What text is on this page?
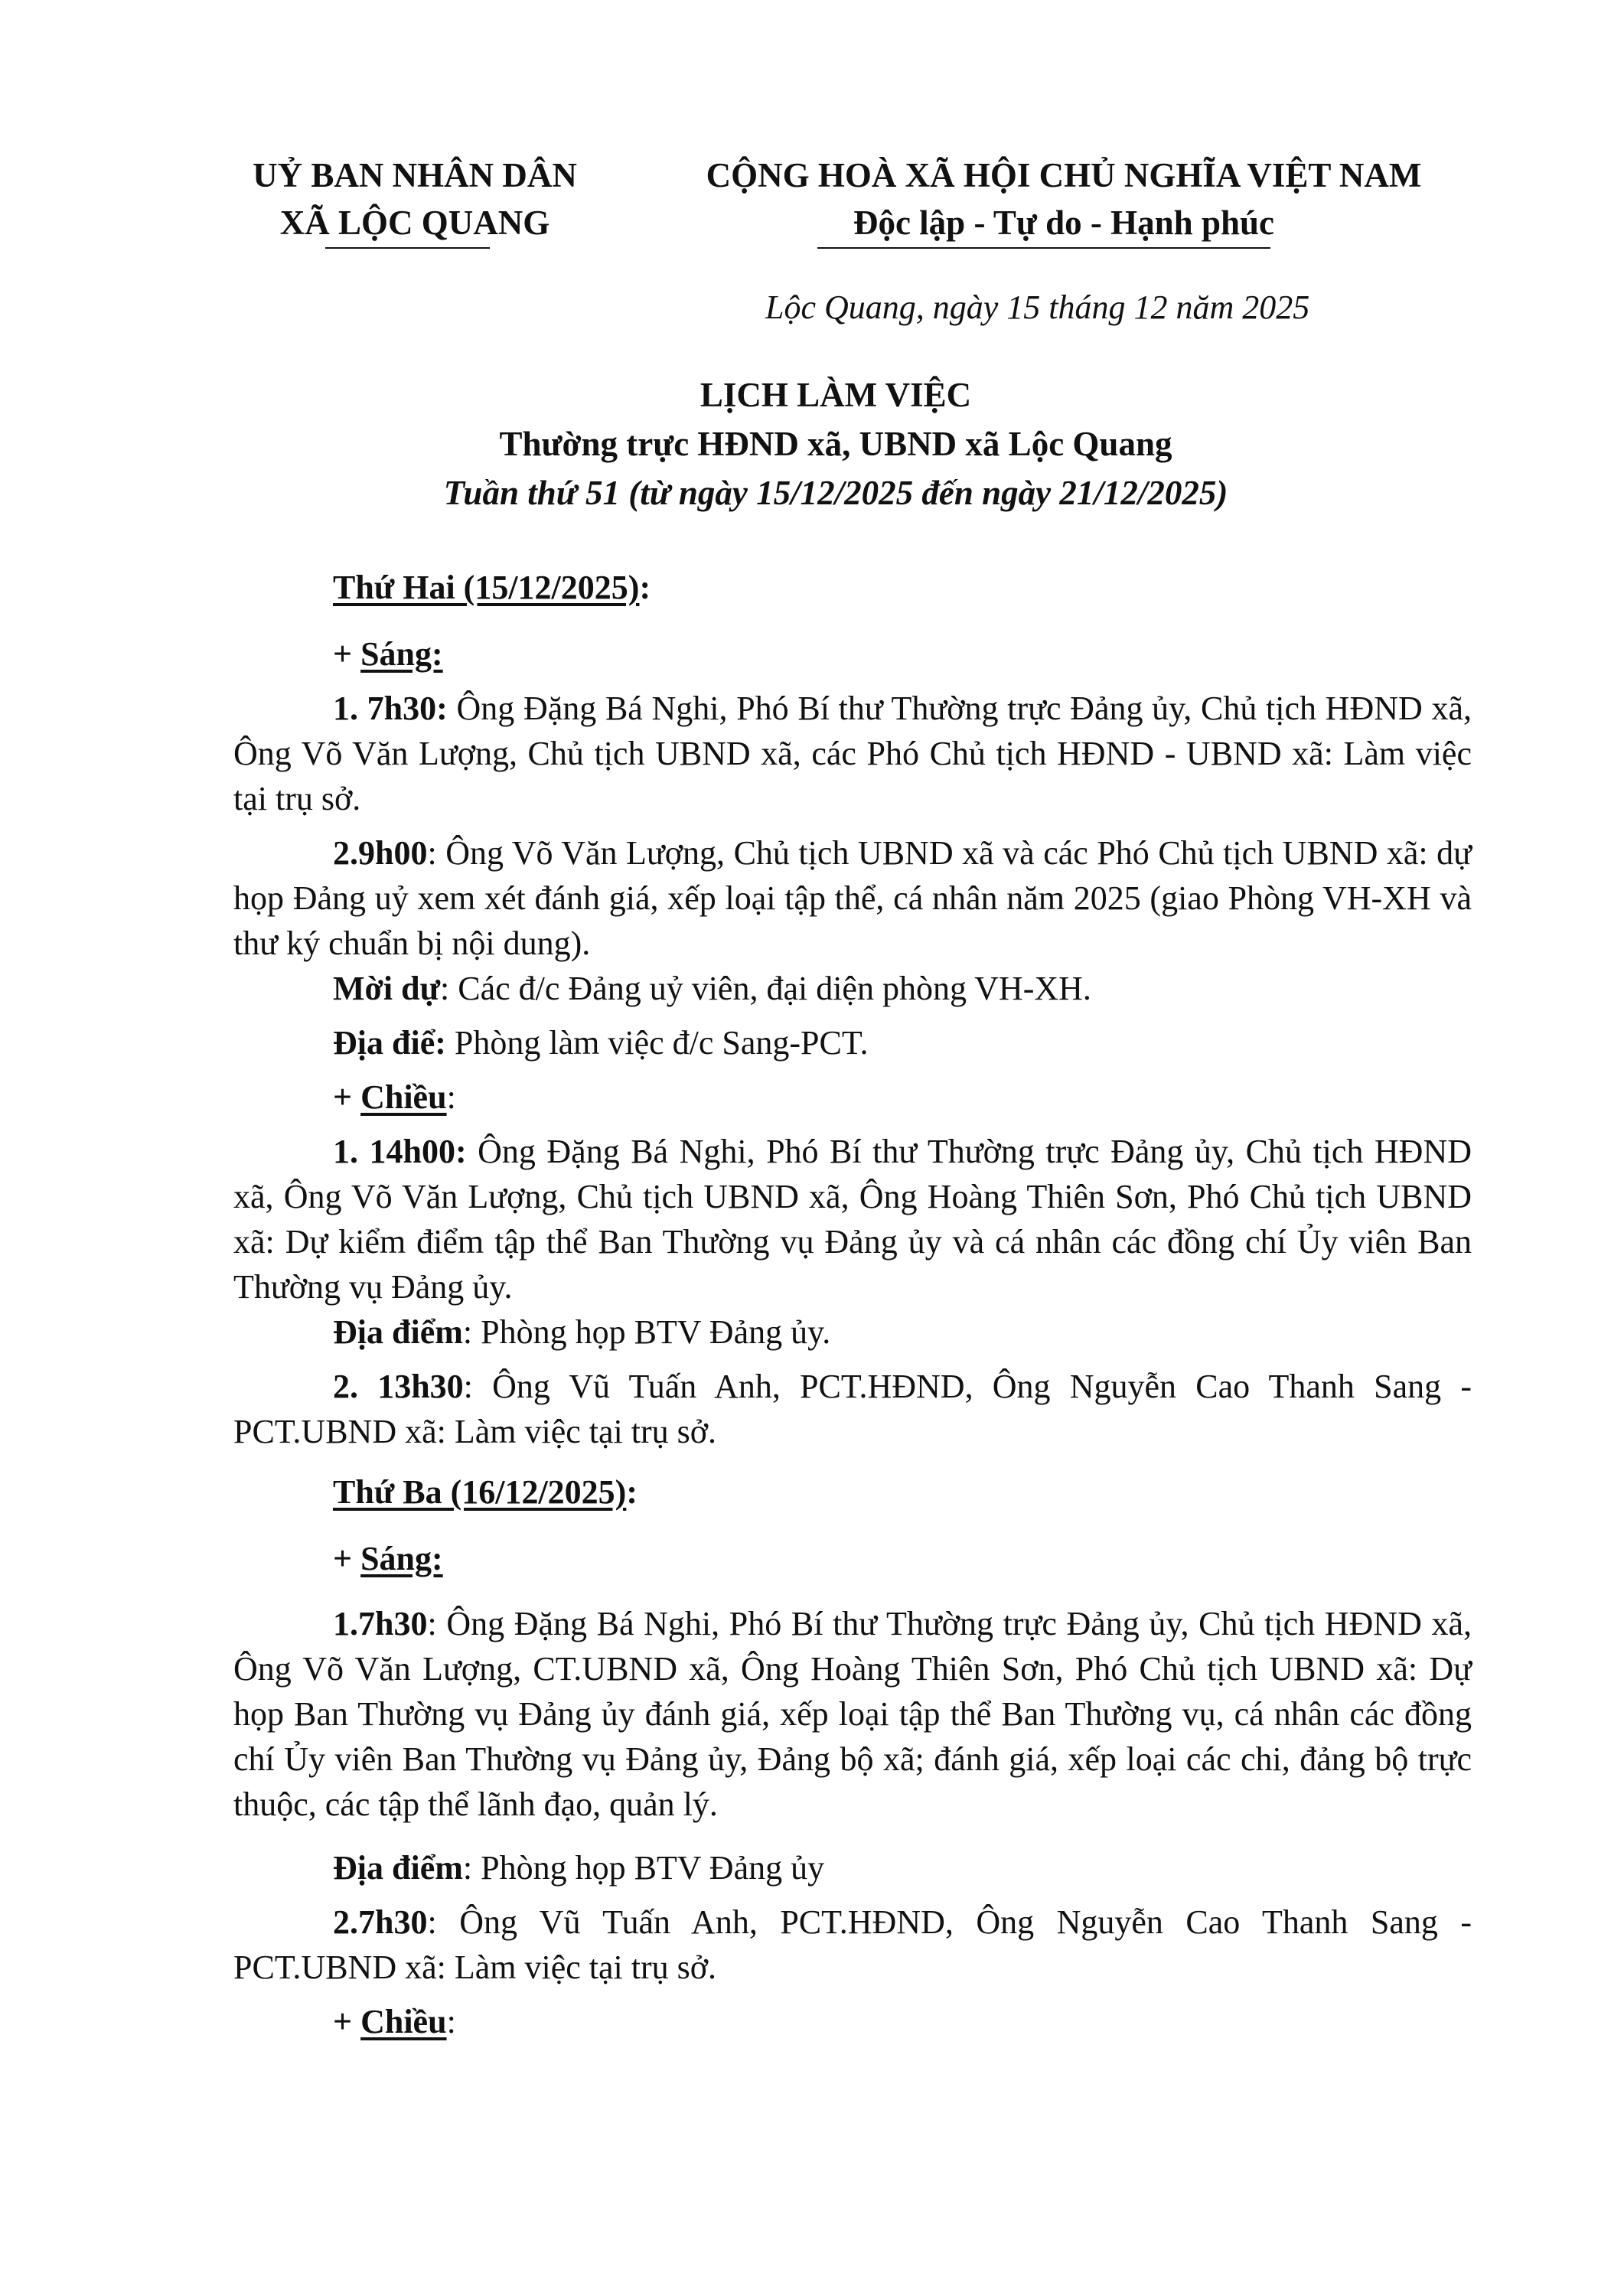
UỶ BAN NHÂN DÂN
XÃ LỘC QUANG
CỘNG HOÀ XÃ HỘI CHỦ NGHĨA VIỆT NAM
Độc lập - Tự do - Hạnh phúc
Lộc Quang, ngày 15 tháng 12 năm 2025
LỊCH LÀM VIỆC
Thường trực HĐND xã, UBND xã Lộc Quang
Tuần thứ 51 (từ ngày 15/12/2025 đến ngày 21/12/2025)

Thứ Hai (15/12/2025):

+ Sáng:

1. 7h30: Ông Đặng Bá Nghi, Phó Bí thư Thường trực Đảng ủy, Chủ tịch HĐND xã, Ông Võ Văn Lượng, Chủ tịch UBND xã, các Phó Chủ tịch HĐND - UBND xã: Làm việc tại trụ sở.

2.9h00: Ông Võ Văn Lượng, Chủ tịch UBND xã và các Phó Chủ tịch UBND xã: dự họp Đảng uỷ xem xét đánh giá, xếp loại tập thể, cá nhân năm 2025 (giao Phòng VH-XH và thư ký chuẩn bị nội dung).

Mời dự: Các đ/c Đảng uỷ viên, đại diện phòng VH-XH.

Địa điể: Phòng làm việc đ/c Sang-PCT.

+ Chiều:

1. 14h00: Ông Đặng Bá Nghi, Phó Bí thư Thường trực Đảng ủy, Chủ tịch HĐND xã, Ông Võ Văn Lượng, Chủ tịch UBND xã, Ông Hoàng Thiên Sơn, Phó Chủ tịch UBND xã: Dự kiểm điểm tập thể Ban Thường vụ Đảng ủy và cá nhân các đồng chí Ủy viên Ban Thường vụ Đảng ủy.

Địa điểm: Phòng họp BTV Đảng ủy.

2. 13h30: Ông Vũ Tuấn Anh, PCT.HĐND, Ông Nguyễn Cao Thanh Sang - PCT.UBND xã: Làm việc tại trụ sở.

Thứ Ba (16/12/2025):

+ Sáng:

1.7h30: Ông Đặng Bá Nghi, Phó Bí thư Thường trực Đảng ủy, Chủ tịch HĐND xã, Ông Võ Văn Lượng, CT.UBND xã, Ông Hoàng Thiên Sơn, Phó Chủ tịch UBND xã: Dự họp Ban Thường vụ Đảng ủy đánh giá, xếp loại tập thể Ban Thường vụ, cá nhân các đồng chí Ủy viên Ban Thường vụ Đảng ủy, Đảng bộ xã; đánh giá, xếp loại các chi, đảng bộ trực thuộc, các tập thể lãnh đạo, quản lý.

Địa điểm: Phòng họp BTV Đảng ủy

2.7h30: Ông Vũ Tuấn Anh, PCT.HĐND, Ông Nguyễn Cao Thanh Sang - PCT.UBND xã: Làm việc tại trụ sở.

+ Chiều:
